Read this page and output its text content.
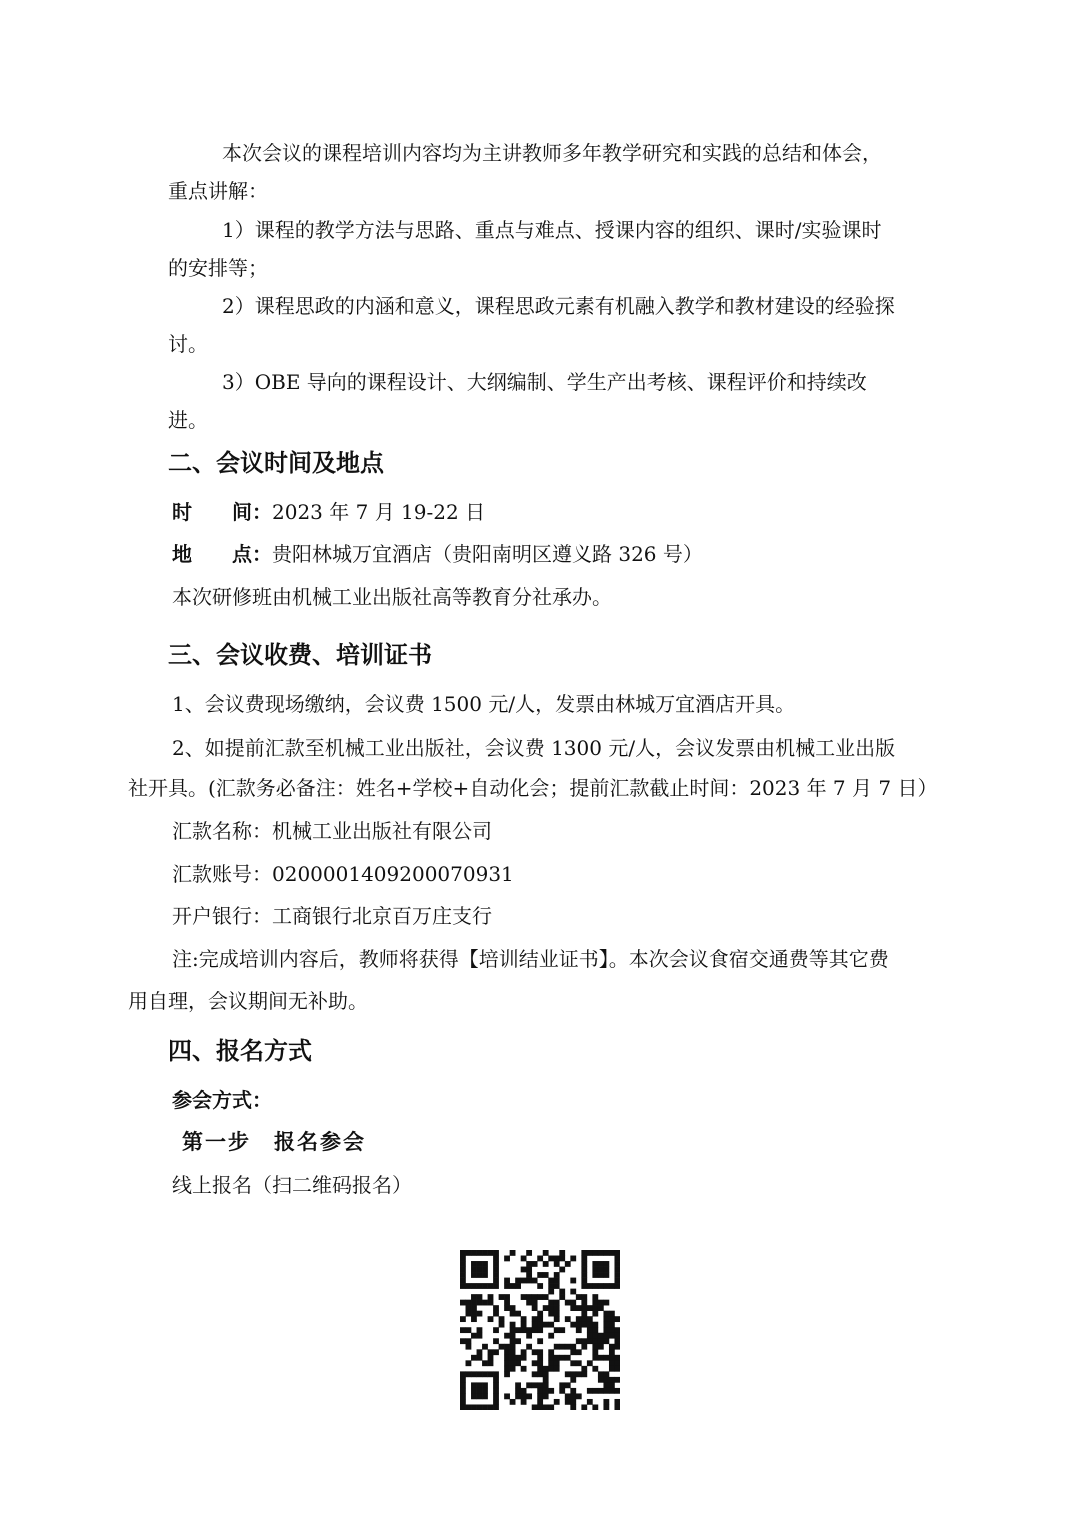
本次会议的课程培训内容均为主讲教师多年教学研究和实践的总结和体会，
重点讲解：
1）课程的教学方法与思路、重点与难点、授课内容的组织、课时/实验课时
的安排等；
2）课程思政的内涵和意义，课程思政元素有机融入教学和教材建设的经验探
讨。
3）OBE 导向的课程设计、大纲编制、学生产出考核、课程评价和持续改
进。
二、会议时间及地点
时　　间：2023 年 7 月 19-22 日
地　　点：贵阳林城万宜酒店（贵阳南明区遵义路 326 号）
本次研修班由机械工业出版社高等教育分社承办。
三、会议收费、培训证书
1、会议费现场缴纳，会议费 1500 元/人，发票由林城万宜酒店开具。
2、如提前汇款至机械工业出版社，会议费 1300 元/人，会议发票由机械工业出版
社开具。(汇款务必备注：姓名+学校+自动化会；提前汇款截止时间：2023 年 7 月 7 日）
汇款名称：机械工业出版社有限公司
汇款账号：0200001409200070931
开户银行：工商银行北京百万庄支行
注:完成培训内容后，教师将获得【培训结业证书】。本次会议食宿交通费等其它费
用自理，会议期间无补助。
四、报名方式
参会方式：
第一步　报名参会
线上报名（扫二维码报名）
